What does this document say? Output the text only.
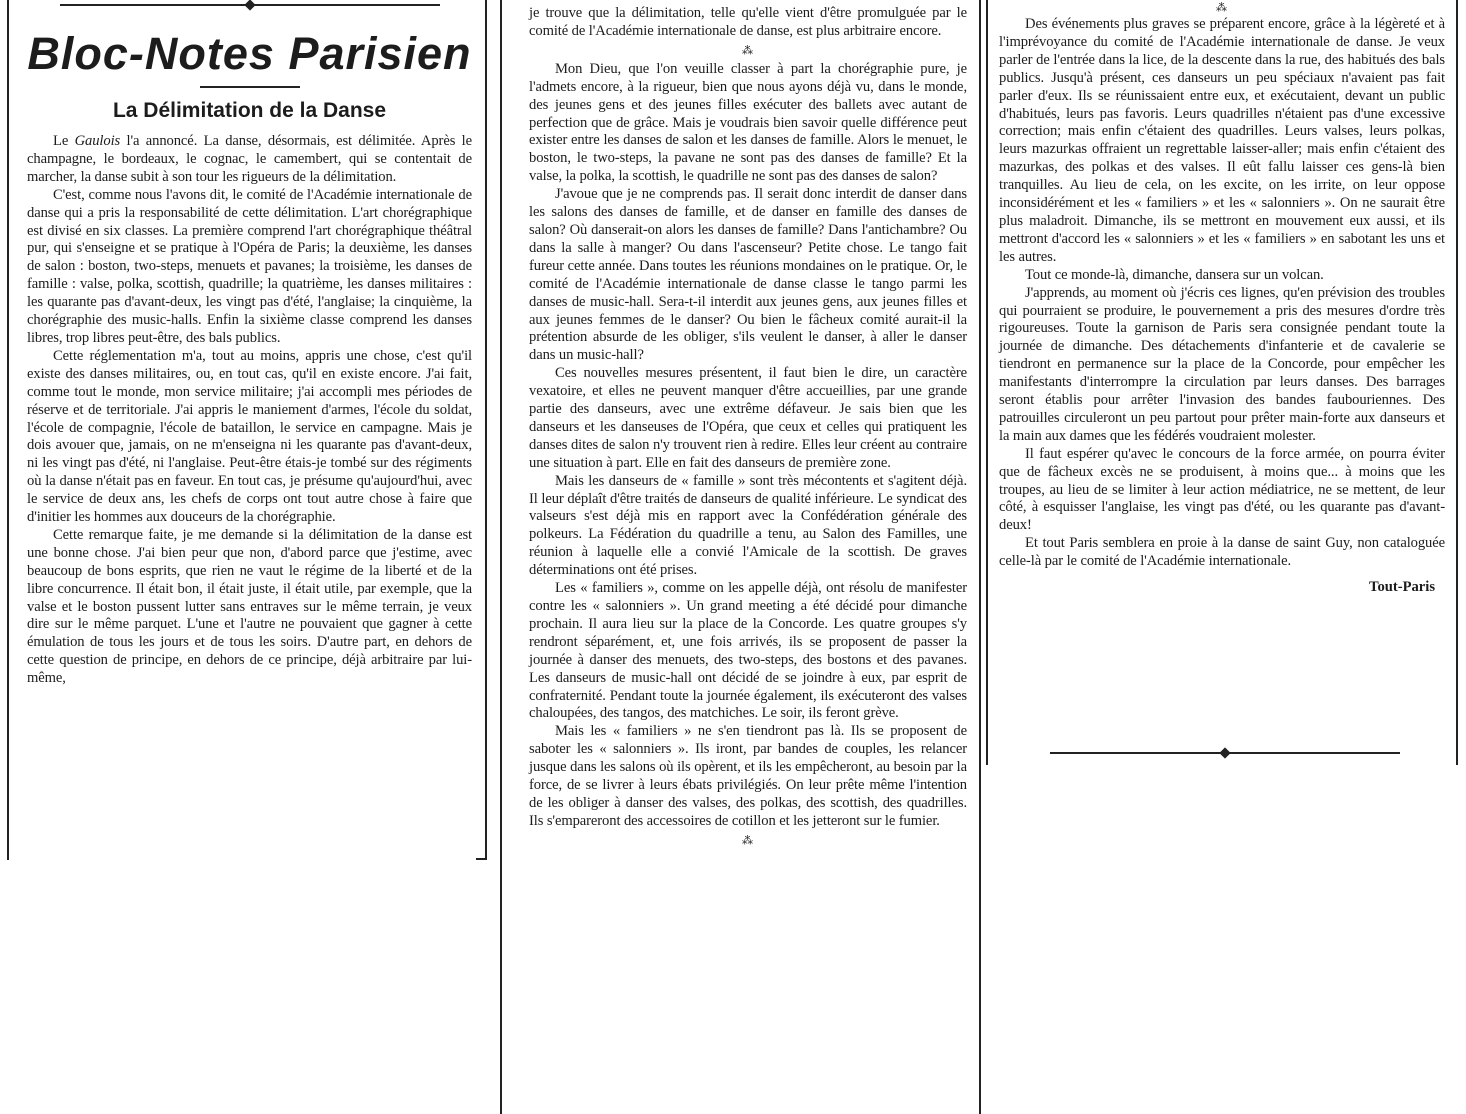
Bloc-Notes Parisien
La Délimitation de la Danse

Le Gaulois l'a annoncé. La danse, désormais, est délimitée. Après le champagne, le bordeaux, le cognac, le camembert, qui se contentait de marcher, la danse subit à son tour les rigueurs de la délimitation.

C'est, comme nous l'avons dit, le comité de l'Académie internationale de danse qui a pris la responsabilité de cette délimitation. L'art chorégraphique est divisé en six classes. La première comprend l'art chorégraphique théâtral pur, qui s'enseigne et se pratique à l'Opéra de Paris; la deuxième, les danses de salon : boston, two-steps, menuets et pavanes; la troisième, les danses de famille : valse, polka, scottish, quadrille; la quatrième, les danses militaires : les quarante pas d'avant-deux, les vingt pas d'été, l'anglaise; la cinquième, la chorégraphie des music-halls. Enfin la sixième classe comprend les danses libres, trop libres peut-être, des bals publics.

Cette réglementation m'a, tout au moins, appris une chose, c'est qu'il existe des danses militaires, ou, en tout cas, qu'il en existe encore. J'ai fait, comme tout le monde, mon service militaire; j'ai accompli mes périodes de réserve et de territoriale. J'ai appris le maniement d'armes, l'école du soldat, l'école de compagnie, l'école de bataillon, le service en campagne. Mais je dois avouer que, jamais, on ne m'enseigna ni les quarante pas d'avant-deux, ni les vingt pas d'été, ni l'anglaise. Peut-être étais-je tombé sur des régiments où la danse n'était pas en faveur. En tout cas, je présume qu'aujourd'hui, avec le service de deux ans, les chefs de corps ont tout autre chose à faire que d'initier les hommes aux douceurs de la chorégraphie.

Cette remarque faite, je me demande si la délimitation de la danse est une bonne chose. J'ai bien peur que non, d'abord parce que j'estime, avec beaucoup de bons esprits, que rien ne vaut le régime de la liberté et de la libre concurrence. Il était bon, il était juste, il était utile, par exemple, que la valse et le boston pussent lutter sans entraves sur le même terrain, je veux dire sur le même parquet. L'une et l'autre ne pouvaient que gagner à cette émulation de tous les jours et de tous les soirs. D'autre part, en dehors de cette question de principe, en dehors de ce principe, déjà arbitraire par lui-même,

je trouve que la délimitation, telle qu'elle vient d'être promulguée par le comité de l'Académie internationale de danse, est plus arbitraire encore.

⁂

Mon Dieu, que l'on veuille classer à part la chorégraphie pure, je l'admets encore, à la rigueur, bien que nous ayons déjà vu, dans le monde, des jeunes gens et des jeunes filles exécuter des ballets avec autant de perfection que de grâce. Mais je voudrais bien savoir quelle différence peut exister entre les danses de salon et les danses de famille. Alors le menuet, le boston, le two-steps, la pavane ne sont pas des danses de famille? Et la valse, la polka, la scottish, le quadrille ne sont pas des danses de salon?

J'avoue que je ne comprends pas. Il serait donc interdit de danser dans les salons des danses de famille, et de danser en famille des danses de salon? Où danserait-on alors les danses de famille? Dans l'antichambre? Ou dans la salle à manger? Ou dans l'ascenseur? Petite chose. Le tango fait fureur cette année. Dans toutes les réunions mondaines on le pratique. Or, le comité de l'Académie internationale de danse classe le tango parmi les danses de music-hall. Sera-t-il interdit aux jeunes gens, aux jeunes filles et aux jeunes femmes de le danser? Ou bien le fâcheux comité aurait-il la prétention absurde de les obliger, s'ils veulent le danser, à aller le danser dans un music-hall?

Ces nouvelles mesures présentent, il faut bien le dire, un caractère vexatoire, et elles ne peuvent manquer d'être accueillies, par une grande partie des danseurs, avec une extrême défaveur. Je sais bien que les danseurs et les danseuses de l'Opéra, que ceux et celles qui pratiquent les danses dites de salon n'y trouvent rien à redire. Elles leur créent au contraire une situation à part. Elle en fait des danseurs de première zone.

Mais les danseurs de « famille » sont très mécontents et s'agitent déjà. Il leur déplaît d'être traités de danseurs de qualité inférieure. Le syndicat des valseurs s'est déjà mis en rapport avec la Confédération générale des polkeurs. La Fédération du quadrille a tenu, au Salon des Familles, une réunion à laquelle elle a convié l'Amicale de la scottish. De graves déterminations ont été prises.

Les « familiers », comme on les appelle déjà, ont résolu de manifester contre les « salonniers ». Un grand meeting a été décidé pour dimanche prochain. Il aura lieu sur la place de la Concorde. Les quatre groupes s'y rendront séparément, et, une fois arrivés, ils se proposent de passer la journée à danser des menuets, des two-steps, des bostons et des pavanes. Les danseurs de music-hall ont décidé de se joindre à eux, par esprit de confraternité. Pendant toute la journée également, ils exécuteront des valses chaloupées, des tangos, des matchiches. Le soir, ils feront grève.

Mais les « familiers » ne s'en tiendront pas là. Ils se proposent de saboter les « salonniers ». Ils iront, par bandes de couples, les relancer jusque dans les salons où ils opèrent, et ils les empêcheront, au besoin par la force, de se livrer à leurs ébats privilégiés. On leur prête même l'intention de les obliger à danser des valses, des polkas, des scottish, des quadrilles. Ils s'empareront des accessoires de cotillon et les jetteront sur le fumier.

⁂
⁂

Des événements plus graves se préparent encore, grâce à la légèreté et à l'imprévoyance du comité de l'Académie internationale de danse. Je veux parler de l'entrée dans la lice, de la descente dans la rue, des habitués des bals publics. Jusqu'à présent, ces danseurs un peu spéciaux n'avaient pas fait parler d'eux. Ils se réunissaient entre eux, et exécutaient, devant un public d'habitués, leurs pas favoris. Leurs quadrilles n'étaient pas d'une excessive correction; mais enfin c'étaient des quadrilles. Leurs valses, leurs polkas, leurs mazurkas offraient un regrettable laisser-aller; mais enfin c'étaient des mazurkas, des polkas et des valses. Il eût fallu laisser ces gens-là bien tranquilles. Au lieu de cela, on les excite, on les irrite, on leur oppose inconsidérément et les « familiers » et les « salonniers ». On ne saurait être plus maladroit. Dimanche, ils se mettront en mouvement eux aussi, et ils mettront d'accord les « salonniers » et les « familiers » en sabotant les uns et les autres.

Tout ce monde-là, dimanche, dansera sur un volcan.

J'apprends, au moment où j'écris ces lignes, qu'en prévision des troubles qui pourraient se produire, le pouvernement a pris des mesures d'ordre très rigoureuses. Toute la garnison de Paris sera consignée pendant toute la journée de dimanche. Des détachements d'infanterie et de cavalerie se tiendront en permanence sur la place de la Concorde, pour empêcher les manifestants d'interrompre la circulation par leurs danses. Des barrages seront établis pour arrêter l'invasion des bandes faubouriennes. Des patrouilles circuleront un peu partout pour prêter main-forte aux danseurs et la main aux dames que les fédérés voudraient molester.

Il faut espérer qu'avec le concours de la force armée, on pourra éviter que de fâcheux excès ne se produisent, à moins que... à moins que les troupes, au lieu de se limiter à leur action médiatrice, ne se mettent, de leur côté, à esquisser l'anglaise, les vingt pas d'été, ou les quarante pas d'avant-deux!

Et tout Paris semblera en proie à la danse de saint Guy, non cataloguée celle-là par le comité de l'Académie internationale.

Tout-Paris
